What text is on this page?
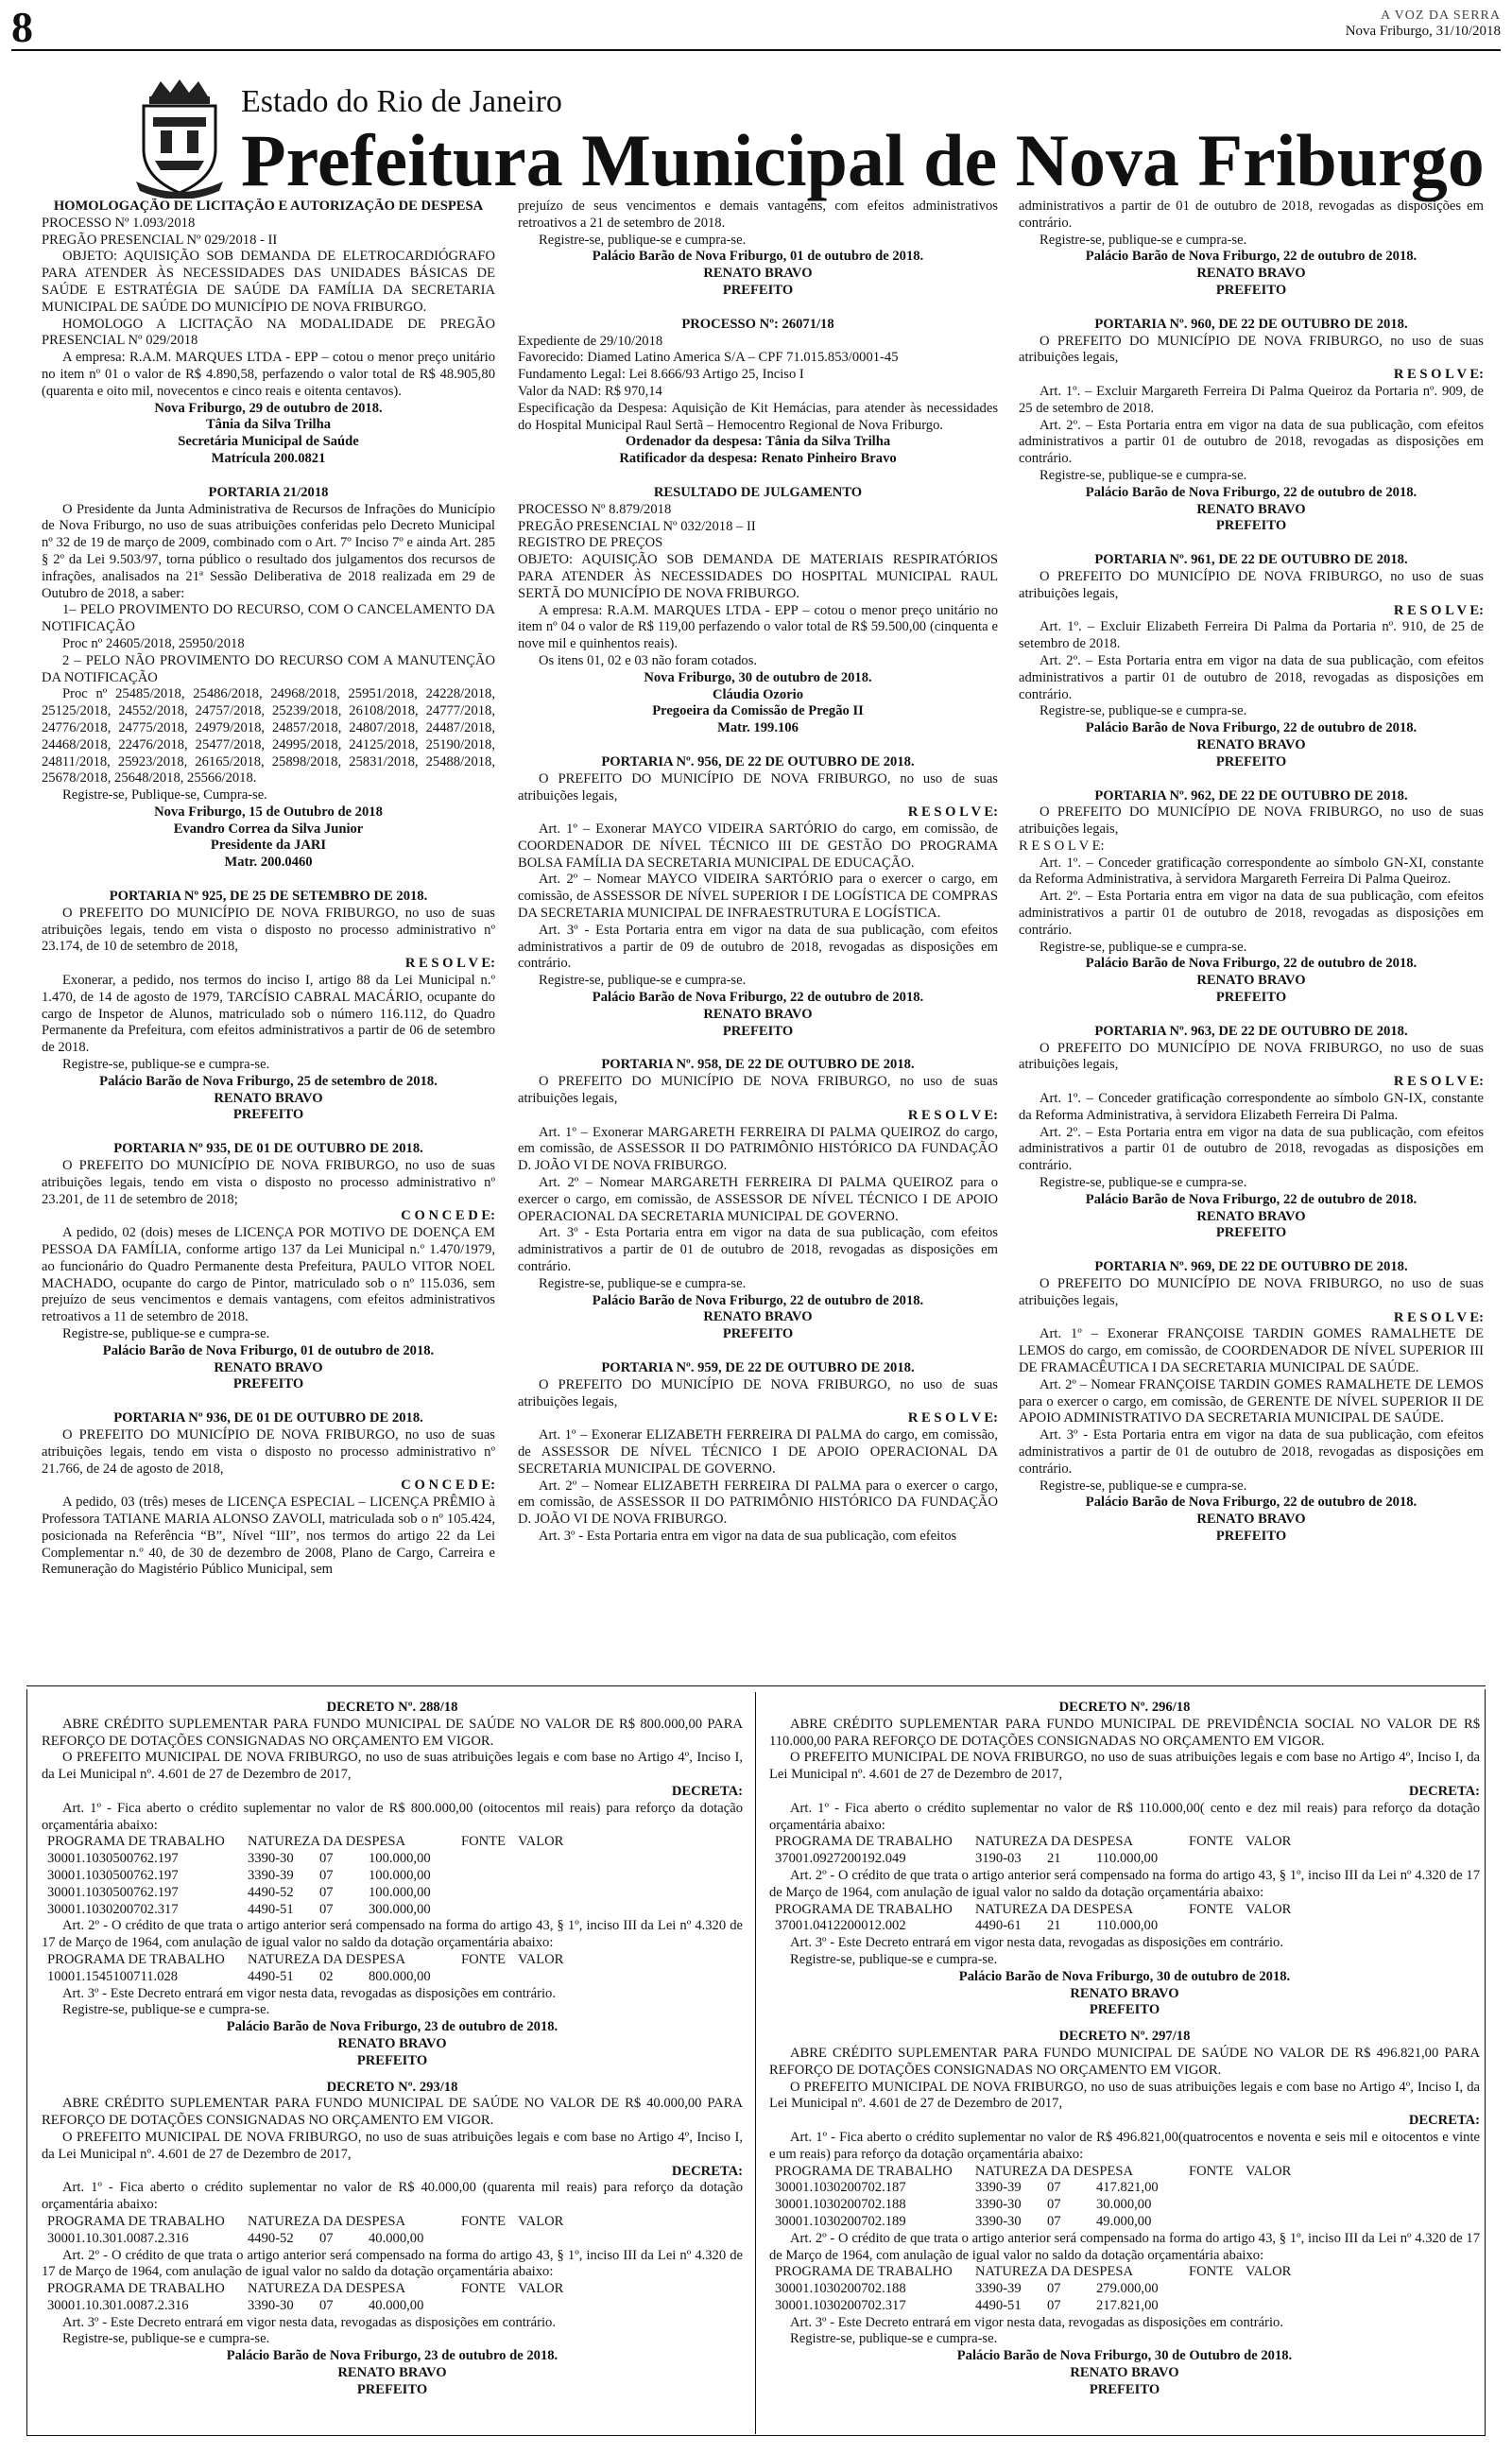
8	A VOZ DA SERRA
Nova Friburgo, 31/10/2018
Estado do Rio de Janeiro
Prefeitura Municipal de Nova Friburgo
HOMOLOGAÇÃO DE LICITAÇÃO E AUTORIZAÇÃO DE DESPESA
PROCESSO Nº 1.093/2018
PREGÃO PRESENCIAL Nº 029/2018 - II
OBJETO: AQUISIÇÃO SOB DEMANDA DE ELETROCARDIÓGRAFO PARA ATENDER ÀS NECESSIDADES DAS UNIDADES BÁSICAS DE SAÚDE E ESTRATÉGIA DE SAÚDE DA FAMÍLIA DA SECRETARIA MUNICIPAL DE SAÚDE DO MUNICÍPIO DE NOVA FRIBURGO.
HOMOLOGO A LICITAÇÃO NA MODALIDADE DE PREGÃO PRESENCIAL Nº 029/2018
A empresa: R.A.M. MARQUES LTDA - EPP – cotou o menor preço unitário no item nº 01 o valor de R$ 4.890,58, perfazendo o valor total de R$ 48.905,80 (quarenta e oito mil, novecentos e cinco reais e oitenta centavos).
Nova Friburgo, 29 de outubro de 2018.
Tânia da Silva Trilha
Secretária Municipal de Saúde
Matrícula 200.0821
PORTARIA 21/2018
O Presidente da Junta Administrativa de Recursos de Infrações do Município de Nova Friburgo, no uso de suas atribuições conferidas pelo Decreto Municipal nº 32 de 19 de março de 2009, combinado com o Art. 7º Inciso 7º e ainda Art. 285 § 2º da Lei 9.503/97, torna público o resultado dos julgamentos dos recursos de infrações, analisados na 21ª Sessão Deliberativa de 2018 realizada em 29 de Outubro de 2018, a saber:
1– PELO PROVIMENTO DO RECURSO, COM O CANCELAMENTO DA NOTIFICAÇÃO
Proc nº 24605/2018, 25950/2018
2 – PELO NÃO PROVIMENTO DO RECURSO COM A MANUTENÇÃO DA NOTIFICAÇÃO
Proc nº 25485/2018, 25486/2018, 24968/2018, 25951/2018, 24228/2018, 25125/2018, 24552/2018, 24757/2018, 25239/2018, 26108/2018, 24777/2018, 24776/2018, 24775/2018, 24979/2018, 24857/2018, 24807/2018, 24487/2018, 24468/2018, 22476/2018, 25477/2018, 24995/2018, 24125/2018, 25190/2018, 24811/2018, 25923/2018, 26165/2018, 25898/2018, 25831/2018, 25488/2018, 25678/2018, 25648/2018, 25566/2018.
Registre-se, Publique-se, Cumpra-se.
Nova Friburgo, 15 de Outubro de 2018
Evandro Correa da Silva Junior
Presidente da JARI
Matr. 200.0460
PORTARIA Nº 925, DE 25 DE SETEMBRO DE 2018.
O PREFEITO DO MUNICÍPIO DE NOVA FRIBURGO, no uso de suas atribuições legais, tendo em vista o disposto no processo administrativo nº 23.174, de 10 de setembro de 2018,
R E S O L V E:
Exonerar, a pedido, nos termos do inciso I, artigo 88 da Lei Municipal n.º 1.470, de 14 de agosto de 1979, TARCÍSIO CABRAL MACÁRIO, ocupante do cargo de Inspetor de Alunos, matriculado sob o número 116.112, do Quadro Permanente da Prefeitura, com efeitos administrativos a partir de 06 de setembro de 2018.
Registre-se, publique-se e cumpra-se.
Palácio Barão de Nova Friburgo, 25 de setembro de 2018.
RENATO BRAVO
PREFEITO
PORTARIA Nº 935, DE 01 DE OUTUBRO DE 2018.
O PREFEITO DO MUNICÍPIO DE NOVA FRIBURGO, no uso de suas atribuições legais, tendo em vista o disposto no processo administrativo nº 23.201, de 11 de setembro de 2018;
C O N C E D E:
A pedido, 02 (dois) meses de LICENÇA POR MOTIVO DE DOENÇA EM PESSOA DA FAMÍLIA, conforme artigo 137 da Lei Municipal n.º 1.470/1979, ao funcionário do Quadro Permanente desta Prefeitura, PAULO VITOR NOEL MACHADO, ocupante do cargo de Pintor, matriculado sob o nº 115.036, sem prejuízo de seus vencimentos e demais vantagens, com efeitos administrativos retroativos a 11 de setembro de 2018.
Registre-se, publique-se e cumpra-se.
Palácio Barão de Nova Friburgo, 01 de outubro de 2018.
RENATO BRAVO
PREFEITO
PORTARIA Nº 936, DE 01 DE OUTUBRO DE 2018.
O PREFEITO DO MUNICÍPIO DE NOVA FRIBURGO, no uso de suas atribuições legais, tendo em vista o disposto no processo administrativo nº 21.766, de 24 de agosto de 2018,
C O N C E D E:
A pedido, 03 (três) meses de LICENÇA ESPECIAL – LICENÇA PRÊMIO à Professora TATIANE MARIA ALONSO ZAVOLI, matriculada sob o nº 105.424, posicionada na Referência “B”, Nível “III”, nos termos do artigo 22 da Lei Complementar n.º 40, de 30 de dezembro de 2008, Plano de Cargo, Carreira e Remuneração do Magistério Público Municipal, sem
prejuízo de seus vencimentos e demais vantagens, com efeitos administrativos retroativos a 21 de setembro de 2018.
Registre-se, publique-se e cumpra-se.
Palácio Barão de Nova Friburgo, 01 de outubro de 2018.
RENATO BRAVO
PREFEITO
PROCESSO Nº: 26071/18
Expediente de 29/10/2018
Favorecido: Diamed Latino America S/A – CPF 71.015.853/0001-45
Fundamento Legal: Lei 8.666/93 Artigo 25, Inciso I
Valor da NAD: R$ 970,14
Especificação da Despesa: Aquisição de Kit Hemácias, para atender às necessidades do Hospital Municipal Raul Sertã – Hemocentro Regional de Nova Friburgo.
Ordenador da despesa: Tânia da Silva Trilha
Ratificador da despesa: Renato Pinheiro Bravo
RESULTADO DE JULGAMENTO
PROCESSO Nº 8.879/2018
PREGÃO PRESENCIAL Nº 032/2018 – II
REGISTRO DE PREÇOS
OBJETO: AQUISIÇÃO SOB DEMANDA DE MATERIAIS RESPIRATÓRIOS PARA ATENDER ÀS NECESSIDADES DO HOSPITAL MUNICIPAL RAUL SERTÃ DO MUNICÍPIO DE NOVA FRIBURGO.
A empresa: R.A.M. MARQUES LTDA - EPP – cotou o menor preço unitário no item nº 04 o valor de R$ 119,00 perfazendo o valor total de R$ 59.500,00 (cinquenta e nove mil e quinhentos reais).
Os itens 01, 02 e 03 não foram cotados.
Nova Friburgo, 30 de outubro de 2018.
Cláudia Ozorio
Pregoeira da Comissão de Pregão II
Matr. 199.106
PORTARIA Nº. 956, DE 22 DE OUTUBRO DE 2018.
O PREFEITO DO MUNICÍPIO DE NOVA FRIBURGO, no uso de suas atribuições legais,
R E S O L V E:
Art. 1º – Exonerar MAYCO VIDEIRA SARTÓRIO do cargo, em comissão, de COORDENADOR DE NÍVEL TÉCNICO III DE GESTÃO DO PROGRAMA BOLSA FAMÍLIA DA SECRETARIA MUNICIPAL DE EDUCAÇÃO.
Art. 2º – Nomear MAYCO VIDEIRA SARTÓRIO para o exercer o cargo, em comissão, de ASSESSOR DE NÍVEL SUPERIOR I DE LOGÍSTICA DE COMPRAS DA SECRETARIA MUNICIPAL DE INFRAESTRUTURA E LOGÍSTICA.
Art. 3º - Esta Portaria entra em vigor na data de sua publicação, com efeitos administrativos a partir de 09 de outubro de 2018, revogadas as disposições em contrário.
Registre-se, publique-se e cumpra-se.
Palácio Barão de Nova Friburgo, 22 de outubro de 2018.
RENATO BRAVO
PREFEITO
PORTARIA Nº. 958, DE 22 DE OUTUBRO DE 2018.
O PREFEITO DO MUNICÍPIO DE NOVA FRIBURGO, no uso de suas atribuições legais,
R E S O L V E:
Art. 1º – Exonerar MARGARETH FERREIRA DI PALMA QUEIROZ do cargo, em comissão, de ASSESSOR II DO PATRIMÔNIO HISTÓRICO DA FUNDAÇÃO D. JOÃO VI DE NOVA FRIBURGO.
Art. 2º – Nomear MARGARETH FERREIRA DI PALMA QUEIROZ para o exercer o cargo, em comissão, de ASSESSOR DE NÍVEL TÉCNICO I DE APOIO OPERACIONAL DA SECRETARIA MUNICIPAL DE GOVERNO.
Art. 3º - Esta Portaria entra em vigor na data de sua publicação, com efeitos administrativos a partir de 01 de outubro de 2018, revogadas as disposições em contrário.
Registre-se, publique-se e cumpra-se.
Palácio Barão de Nova Friburgo, 22 de outubro de 2018.
RENATO BRAVO
PREFEITO
PORTARIA Nº. 959, DE 22 DE OUTUBRO DE 2018.
O PREFEITO DO MUNICÍPIO DE NOVA FRIBURGO, no uso de suas atribuições legais,
R E S O L V E:
Art. 1º – Exonerar ELIZABETH FERREIRA DI PALMA do cargo, em comissão, de ASSESSOR DE NÍVEL TÉCNICO I DE APOIO OPERACIONAL DA SECRETARIA MUNICIPAL DE GOVERNO.
Art. 2º – Nomear ELIZABETH FERREIRA DI PALMA para o exercer o cargo, em comissão, de ASSESSOR II DO PATRIMÔNIO HISTÓRICO DA FUNDAÇÃO D. JOÃO VI DE NOVA FRIBURGO.
Art. 3º - Esta Portaria entra em vigor na data de sua publicação, com efeitos
administrativos a partir de 01 de outubro de 2018, revogadas as disposições em contrário.
Registre-se, publique-se e cumpra-se.
Palácio Barão de Nova Friburgo, 22 de outubro de 2018.
RENATO BRAVO
PREFEITO
PORTARIA Nº. 960, DE 22 DE OUTUBRO DE 2018.
O PREFEITO DO MUNICÍPIO DE NOVA FRIBURGO, no uso de suas atribuições legais,
R E S O L V E:
Art. 1º. – Excluir Margareth Ferreira Di Palma Queiroz da Portaria nº. 909, de 25 de setembro de 2018.
Art. 2º. – Esta Portaria entra em vigor na data de sua publicação, com efeitos administrativos a partir 01 de outubro de 2018, revogadas as disposições em contrário.
Registre-se, publique-se e cumpra-se.
Palácio Barão de Nova Friburgo, 22 de outubro de 2018.
RENATO BRAVO
PREFEITO
PORTARIA Nº. 961, DE 22 DE OUTUBRO DE 2018.
O PREFEITO DO MUNICÍPIO DE NOVA FRIBURGO, no uso de suas atribuições legais,
R E S O L V E:
Art. 1º. – Excluir Elizabeth Ferreira Di Palma da Portaria nº. 910, de 25 de setembro de 2018.
Art. 2º. – Esta Portaria entra em vigor na data de sua publicação, com efeitos administrativos a partir 01 de outubro de 2018, revogadas as disposições em contrário.
Registre-se, publique-se e cumpra-se.
Palácio Barão de Nova Friburgo, 22 de outubro de 2018.
RENATO BRAVO
PREFEITO
PORTARIA Nº. 962, DE 22 DE OUTUBRO DE 2018.
O PREFEITO DO MUNICÍPIO DE NOVA FRIBURGO, no uso de suas atribuições legais,
R E S O L V E:
Art. 1º. – Conceder gratificação correspondente ao símbolo GN-XI, constante da Reforma Administrativa, à servidora Margareth Ferreira Di Palma Queiroz.
Art. 2º. – Esta Portaria entra em vigor na data de sua publicação, com efeitos administrativos a partir 01 de outubro de 2018, revogadas as disposições em contrário.
Registre-se, publique-se e cumpra-se.
Palácio Barão de Nova Friburgo, 22 de outubro de 2018.
RENATO BRAVO
PREFEITO
PORTARIA Nº. 963, DE 22 DE OUTUBRO DE 2018.
O PREFEITO DO MUNICÍPIO DE NOVA FRIBURGO, no uso de suas atribuições legais,
R E S O L V E:
Art. 1º. – Conceder gratificação correspondente ao símbolo GN-IX, constante da Reforma Administrativa, à servidora Elizabeth Ferreira Di Palma.
Art. 2º. – Esta Portaria entra em vigor na data de sua publicação, com efeitos administrativos a partir 01 de outubro de 2018, revogadas as disposições em contrário.
Registre-se, publique-se e cumpra-se.
Palácio Barão de Nova Friburgo, 22 de outubro de 2018.
RENATO BRAVO
PREFEITO
PORTARIA Nº. 969, DE 22 DE OUTUBRO DE 2018.
O PREFEITO DO MUNICÍPIO DE NOVA FRIBURGO, no uso de suas atribuições legais,
R E S O L V E:
Art. 1º – Exonerar FRANÇOISE TARDIN GOMES RAMALHETE DE LEMOS do cargo, em comissão, de COORDENADOR DE NÍVEL SUPERIOR III DE FRAMACÊUTICA I DA SECRETARIA MUNICIPAL DE SAÚDE.
Art. 2º – Nomear FRANÇOISE TARDIN GOMES RAMALHETE DE LEMOS para o exercer o cargo, em comissão, de GERENTE DE NÍVEL SUPERIOR II DE APOIO ADMINISTRATIVO DA SECRETARIA MUNICIPAL DE SAÚDE.
Art. 3º - Esta Portaria entra em vigor na data de sua publicação, com efeitos administrativos a partir de 01 de outubro de 2018, revogadas as disposições em contrário.
Registre-se, publique-se e cumpra-se.
Palácio Barão de Nova Friburgo, 22 de outubro de 2018.
RENATO BRAVO
PREFEITO
DECRETO Nº. 288/18
ABRE CRÉDITO SUPLEMENTAR PARA FUNDO MUNICIPAL DE SAÚDE NO VALOR DE R$ 800.000,00 PARA REFORÇO DE DOTAÇÕES CONSIGNADAS NO ORÇAMENTO EM VIGOR.
O PREFEITO MUNICIPAL DE NOVA FRIBURGO, no uso de suas atribuições legais e com base no Artigo 4º, Inciso I, da Lei Municipal nº. 4.601 de 27 de Dezembro de 2017,
DECRETA:
Art. 1º - Fica aberto o crédito suplementar no valor de R$ 800.000,00 (oitocentos mil reais) para reforço da dotação orçamentária abaixo:
PROGRAMA DE TRABALHO	NATUREZA DA DESPESA	FONTE VALOR
30001.1030500762.197	3390-30	07	100.000,00
30001.1030500762.197	3390-39	07	100.000,00
30001.1030500762.197	4490-52	07	100.000,00
30001.1030200702.317	4490-51	07	300.000,00
Art. 2º - O crédito de que trata o artigo anterior será compensado na forma do artigo 43, § 1º, inciso III da Lei nº 4.320 de 17 de Março de 1964, com anulação de igual valor no saldo da dotação orçamentária abaixo:
PROGRAMA DE TRABALHO	NATUREZA DA DESPESA	FONTE VALOR
10001.1545100711.028	4490-51	02	800.000,00
Art. 3º - Este Decreto entrará em vigor nesta data, revogadas as disposições em contrário.
Registre-se, publique-se e cumpra-se.
Palácio Barão de Nova Friburgo, 23 de outubro de 2018.
RENATO BRAVO
PREFEITO
DECRETO Nº. 293/18
ABRE CRÉDITO SUPLEMENTAR PARA FUNDO MUNICIPAL DE SAÚDE NO VALOR DE R$ 40.000,00 PARA REFORÇO DE DOTAÇÕES CONSIGNADAS NO ORÇAMENTO EM VIGOR.
O PREFEITO MUNICIPAL DE NOVA FRIBURGO, no uso de suas atribuições legais e com base no Artigo 4º, Inciso I, da Lei Municipal nº. 4.601 de 27 de Dezembro de 2017,
DECRETA:
Art. 1º - Fica aberto o crédito suplementar no valor de R$ 40.000,00 (quarenta mil reais) para reforço da dotação orçamentária abaixo:
PROGRAMA DE TRABALHO	NATUREZA DA DESPESA	FONTE VALOR
30001.10.301.0087.2.316	4490-52	07	40.000,00
Art. 2º - O crédito de que trata o artigo anterior será compensado na forma do artigo 43, § 1º, inciso III da Lei nº 4.320 de 17 de Março de 1964, com anulação de igual valor no saldo da dotação orçamentária abaixo:
PROGRAMA DE TRABALHO	NATUREZA DA DESPESA	FONTE VALOR
30001.10.301.0087.2.316	3390-30	07	40.000,00
Art. 3º - Este Decreto entrará em vigor nesta data, revogadas as disposições em contrário.
Registre-se, publique-se e cumpra-se.
Palácio Barão de Nova Friburgo, 23 de outubro de 2018.
RENATO BRAVO
PREFEITO
DECRETO Nº. 296/18
ABRE CRÉDITO SUPLEMENTAR PARA FUNDO MUNICIPAL DE PREVIDÊNCIA SOCIAL NO VALOR DE R$ 110.000,00 PARA REFORÇO DE DOTAÇÕES CONSIGNADAS NO ORÇAMENTO EM VIGOR.
O PREFEITO MUNICIPAL DE NOVA FRIBURGO, no uso de suas atribuições legais e com base no Artigo 4º, Inciso I, da Lei Municipal nº. 4.601 de 27 de Dezembro de 2017,
DECRETA:
Art. 1º - Fica aberto o crédito suplementar no valor de R$ 110.000,00( cento e dez mil reais) para reforço da dotação orçamentária abaixo:
PROGRAMA DE TRABALHO	NATUREZA DA DESPESA	FONTE VALOR
37001.0927200192.049	3190-03	21	110.000,00
Art. 2º - O crédito de que trata o artigo anterior será compensado na forma do artigo 43, § 1º, inciso III da Lei nº 4.320 de 17 de Março de 1964, com anulação de igual valor no saldo da dotação orçamentária abaixo:
PROGRAMA DE TRABALHO	NATUREZA DA DESPESA	FONTE VALOR
37001.0412200012.002	4490-61	21	110.000,00
Art. 3º - Este Decreto entrará em vigor nesta data, revogadas as disposições em contrário.
Registre-se, publique-se e cumpra-se.
Palácio Barão de Nova Friburgo, 30 de outubro de 2018.
RENATO BRAVO
PREFEITO
DECRETO Nº. 297/18
ABRE CRÉDITO SUPLEMENTAR PARA FUNDO MUNICIPAL DE SAÚDE NO VALOR DE R$ 496.821,00 PARA REFORÇO DE DOTAÇÕES CONSIGNADAS NO ORÇAMENTO EM VIGOR.
O PREFEITO MUNICIPAL DE NOVA FRIBURGO, no uso de suas atribuições legais e com base no Artigo 4º, Inciso I, da Lei Municipal nº. 4.601 de 27 de Dezembro de 2017,
DECRETA:
Art. 1º - Fica aberto o crédito suplementar no valor de R$ 496.821,00(quatrocentos e noventa e seis mil e oitocentos e vinte e um reais) para reforço da dotação orçamentária abaixo:
PROGRAMA DE TRABALHO	NATUREZA DA DESPESA	FONTE VALOR
30001.1030200702.187	3390-39	07	417.821,00
30001.1030200702.188	3390-30	07	30.000,00
30001.1030200702.189	3390-30	07	49.000,00
Art. 2º - O crédito de que trata o artigo anterior será compensado na forma do artigo 43, § 1º, inciso III da Lei nº 4.320 de 17 de Março de 1964, com anulação de igual valor no saldo da dotação orçamentária abaixo:
PROGRAMA DE TRABALHO	NATUREZA DA DESPESA	FONTE VALOR
30001.1030200702.188	3390-39	07	279.000,00
30001.1030200702.317	4490-51	07	217.821,00
Art. 3º - Este Decreto entrará em vigor nesta data, revogadas as disposições em contrário.
Registre-se, publique-se e cumpra-se.
Palácio Barão de Nova Friburgo, 30 de Outubro de 2018.
RENATO BRAVO
PREFEITO
